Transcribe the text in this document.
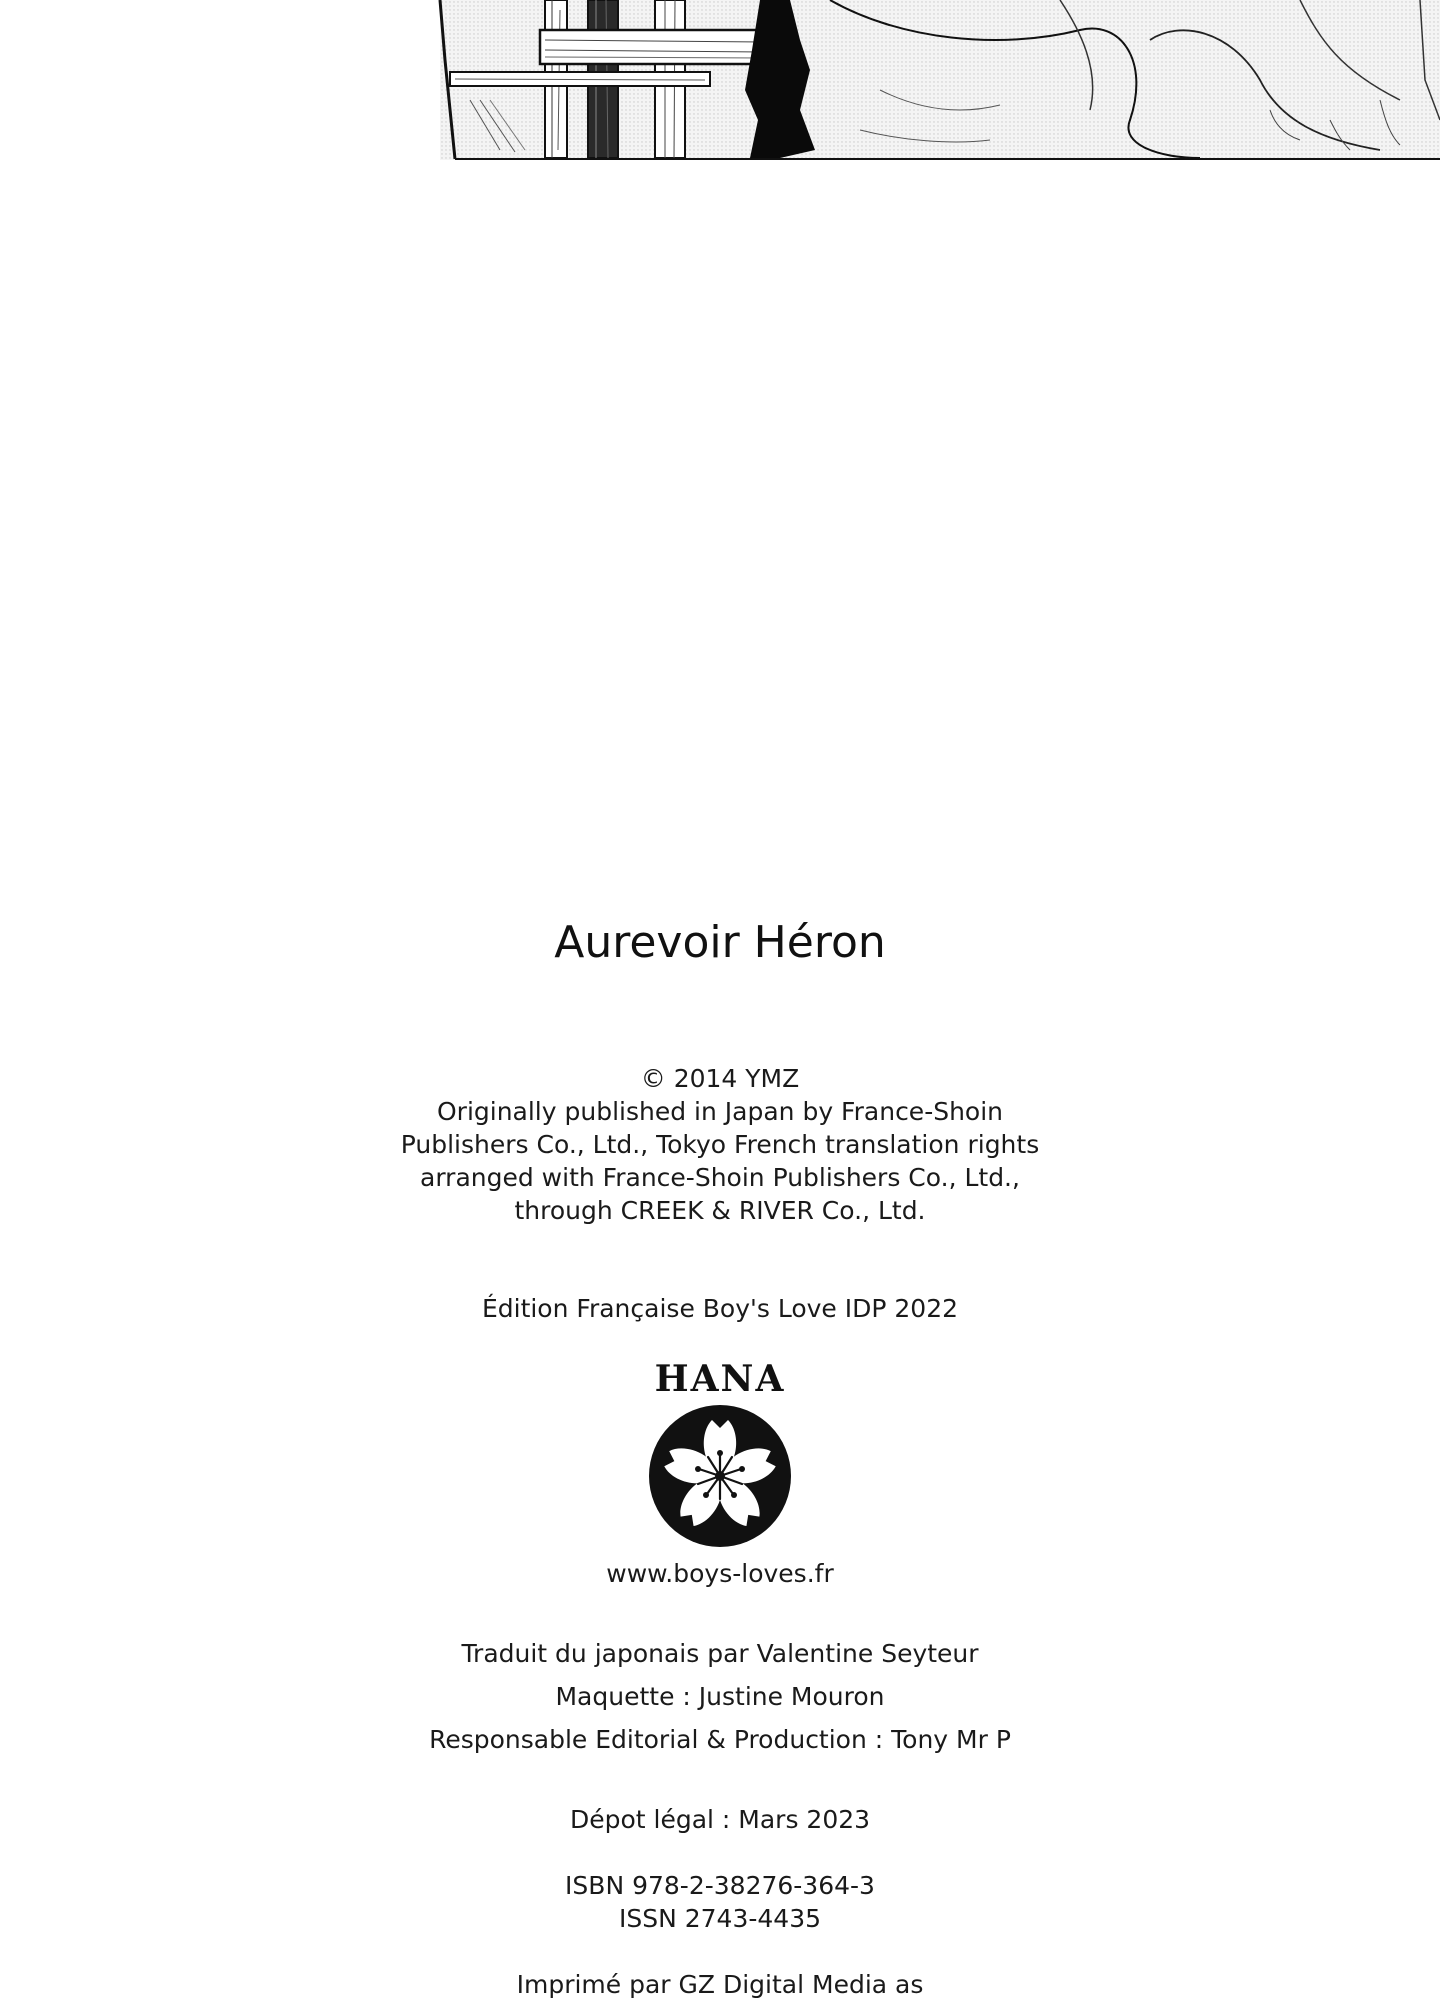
Aurevoir Héron
© 2014 YMZ
Originally published in Japan by France-Shoin
Publishers Co., Ltd., Tokyo French translation rights
arranged with France-Shoin Publishers Co., Ltd.,
through CREEK & RIVER Co., Ltd.
Édition Française Boy's Love IDP 2022
HANA
www.boys-loves.fr
Traduit du japonais par Valentine Seyteur
Maquette : Justine Mouron
Responsable Editorial & Production : Tony Mr P
Dépot légal : Mars 2023
ISBN 978-2-38276-364-3
ISSN 2743-4435
Imprimé par GZ Digital Media as
